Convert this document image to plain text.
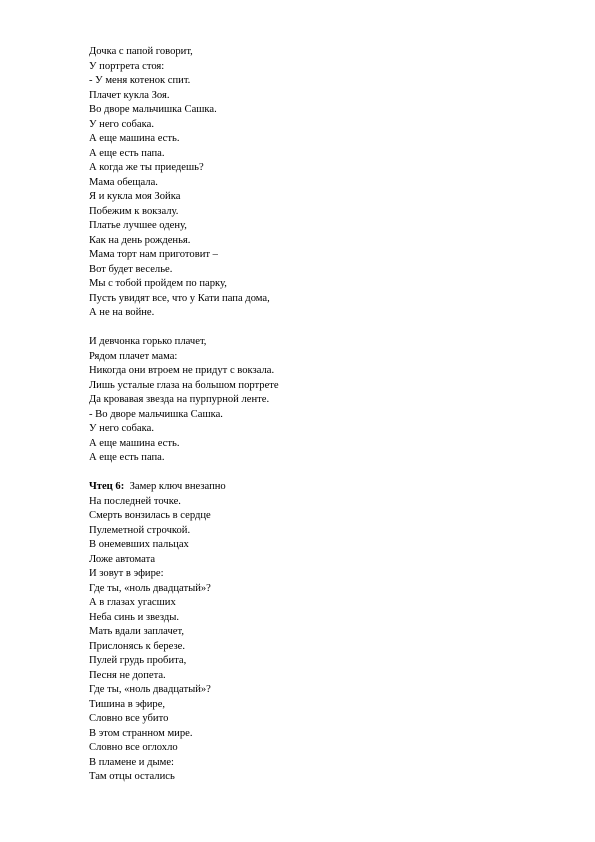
Дочка с папой говорит,
У портрета стоя:
- У меня котенок спит.
Плачет кукла Зоя.
Во дворе мальчишка Сашка.
У него собака.
А еще машина есть.
А еще есть папа.
А когда же ты приедешь?
Мама обещала.
Я и кукла моя Зойка
Побежим к вокзалу.
Платье лучшее одену,
Как на день рожденья.
Мама торт нам приготовит –
Вот будет веселье.
Мы с тобой пройдем по парку,
Пусть увидят все, что у Кати папа дома,
А не на войне.
И девчонка горько плачет,
Рядом плачет мама:
Никогда они втроем не придут с вокзала.
Лишь усталые глаза на большом портрете
Да кровавая звезда на пурпурной ленте.
- Во дворе мальчишка Сашка.
У него собака.
А еще машина есть.
А еще есть папа.
Чтец 6: Замер ключ внезапно
На последней точке.
Смерть вонзилась в сердце
Пулеметной строчкой.
В онемевших пальцах
Ложе автомата
И зовут в эфире:
Где ты, «ноль двадцатый»?
А в глазах угасших
Неба синь и звезды.
Мать вдали заплачет,
Прислонясь к березе.
Пулей грудь пробита,
Песня не допета.
Где ты, «ноль двадцатый»?
Тишина в эфире,
Словно все убито
В этом странном мире.
Словно все оглохло
В пламене и дыме:
Там отцы остались
